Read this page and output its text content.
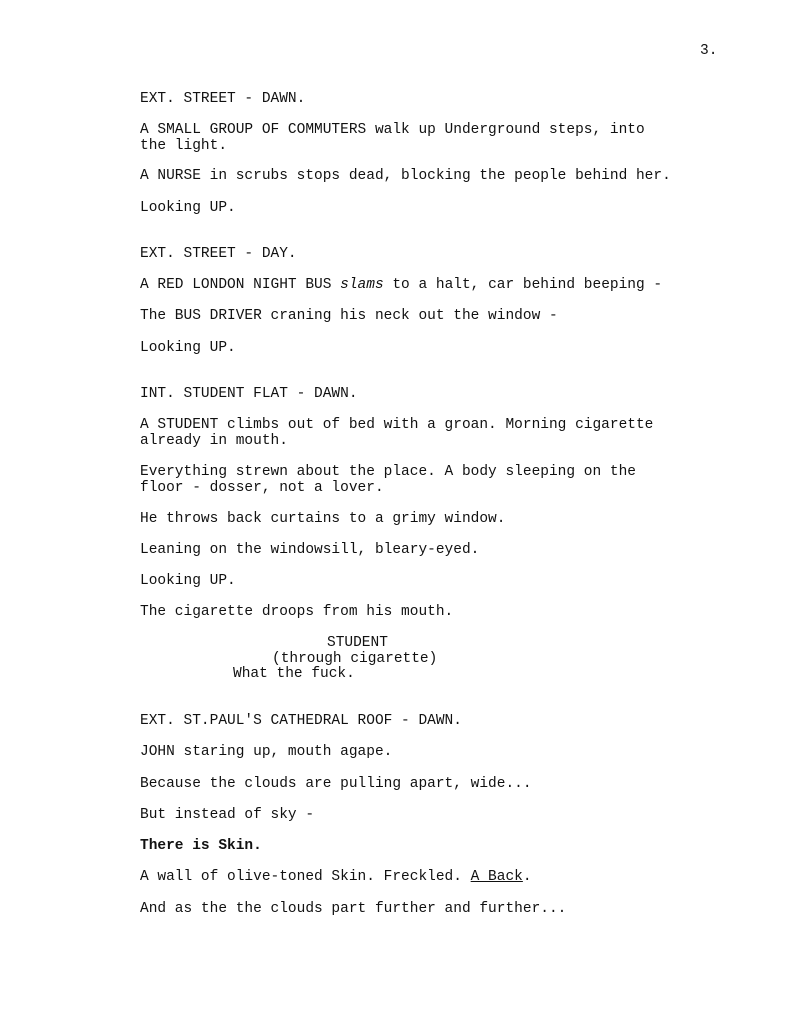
3.
EXT. STREET - DAWN.
A SMALL GROUP OF COMMUTERS walk up Underground steps, into
the light.
A NURSE in scrubs stops dead, blocking the people behind her.
Looking UP.
EXT. STREET - DAY.
A RED LONDON NIGHT BUS slams to a halt, car behind beeping -
The BUS DRIVER craning his neck out the window -
Looking UP.
INT. STUDENT FLAT - DAWN.
A STUDENT climbs out of bed with a groan. Morning cigarette
already in mouth.
Everything strewn about the place. A body sleeping on the
floor - dosser, not a lover.
He throws back curtains to a grimy window.
Leaning on the windowsill, bleary-eyed.
Looking UP.
The cigarette droops from his mouth.
STUDENT
(through cigarette)
What the fuck.
EXT. ST.PAUL'S CATHEDRAL ROOF - DAWN.
JOHN staring up, mouth agape.
Because the clouds are pulling apart, wide...
But instead of sky -
There is Skin.
A wall of olive-toned Skin. Freckled. A Back.
And as the the clouds part further and further...
